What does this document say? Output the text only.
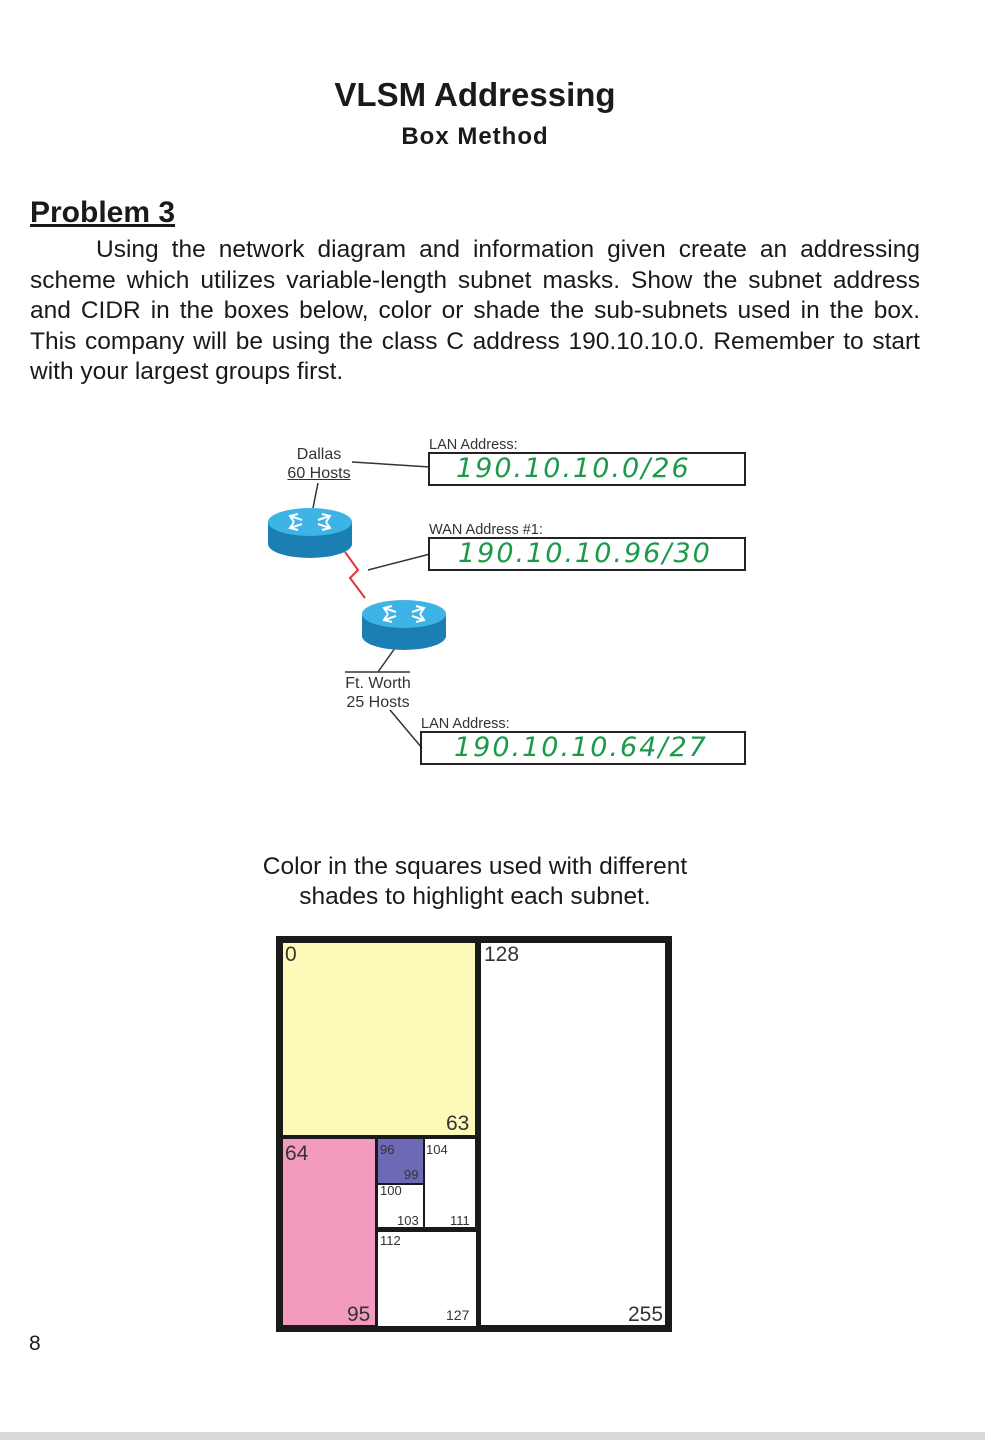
VLSM Addressing
Box Method
Problem 3

Using the network diagram and information given create an addressing scheme which utilizes variable-length subnet masks. Show the subnet address and CIDR in the boxes below, color or shade the sub-subnets used in the box. This company will be using the class C address 190.10.10.0. Remember to start with your largest groups first.

Dallas
60 Hosts
LAN Address:
190.10.10.0/26
WAN Address #1:
190.10.10.96/30
Ft. Worth
25 Hosts
LAN Address:
190.10.10.64/27
Color in the squares used with different
shades to highlight each subnet.
0
63
64
95
96
99
100
103
104
111
112
127
128
255
8
